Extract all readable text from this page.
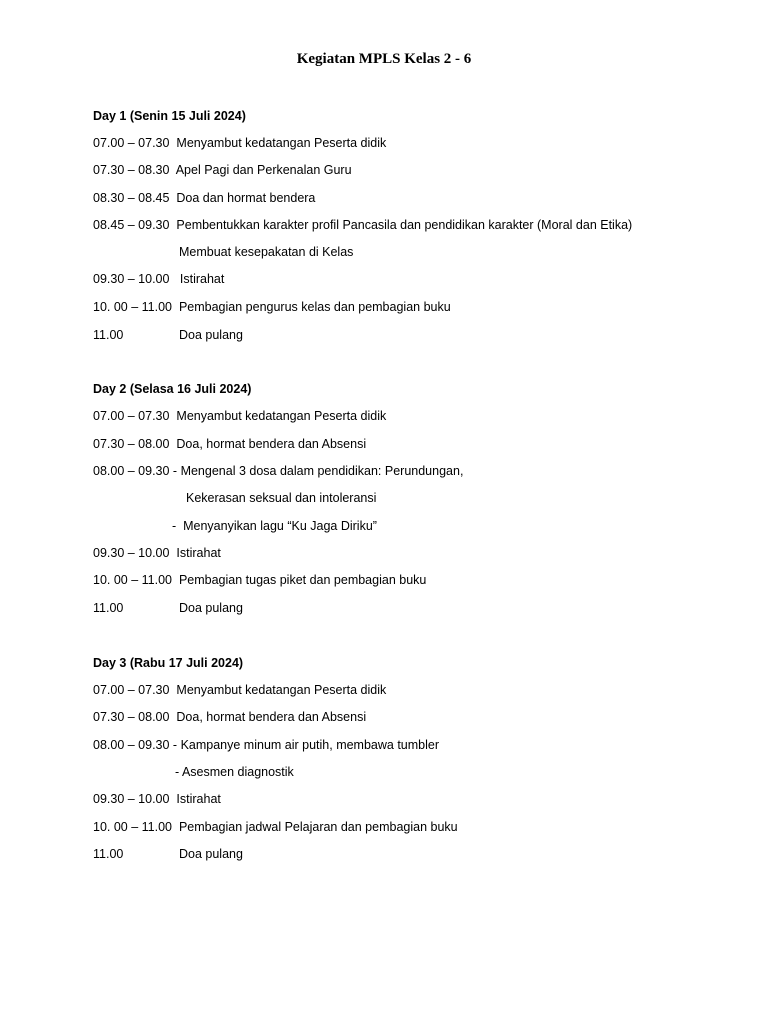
Kegiatan MPLS Kelas 2 - 6
Day 1 (Senin 15 Juli 2024)
07.00 – 07.30  Menyambut kedatangan Peserta didik
07.30 – 08.30  Apel Pagi dan Perkenalan Guru
08.30 – 08.45  Doa dan hormat bendera
08.45 – 09.30  Pembentukkan karakter profil Pancasila dan pendidikan karakter (Moral dan Etika)
Membuat kesepakatan di Kelas
09.30 – 10.00   Istirahat
10. 00 – 11.00  Pembagian pengurus kelas dan pembagian buku
11.00	Doa pulang
Day 2 (Selasa 16 Juli 2024)
07.00 – 07.30  Menyambut kedatangan Peserta didik
07.30 – 08.00  Doa, hormat bendera dan Absensi
08.00 – 09.30 - Mengenal 3 dosa dalam pendidikan: Perundungan,
Kekerasan seksual dan intoleransi
-  Menyanyikan lagu “Ku Jaga Diriku”
09.30 – 10.00  Istirahat
10. 00 – 11.00  Pembagian tugas piket dan pembagian buku
11.00	Doa pulang
Day 3 (Rabu 17 Juli 2024)
07.00 – 07.30  Menyambut kedatangan Peserta didik
07.30 – 08.00  Doa, hormat bendera dan Absensi
08.00 – 09.30 - Kampanye minum air putih, membawa tumbler
- Asesmen diagnostik
09.30 – 10.00  Istirahat
10. 00 – 11.00  Pembagian jadwal Pelajaran dan pembagian buku
11.00	Doa pulang
